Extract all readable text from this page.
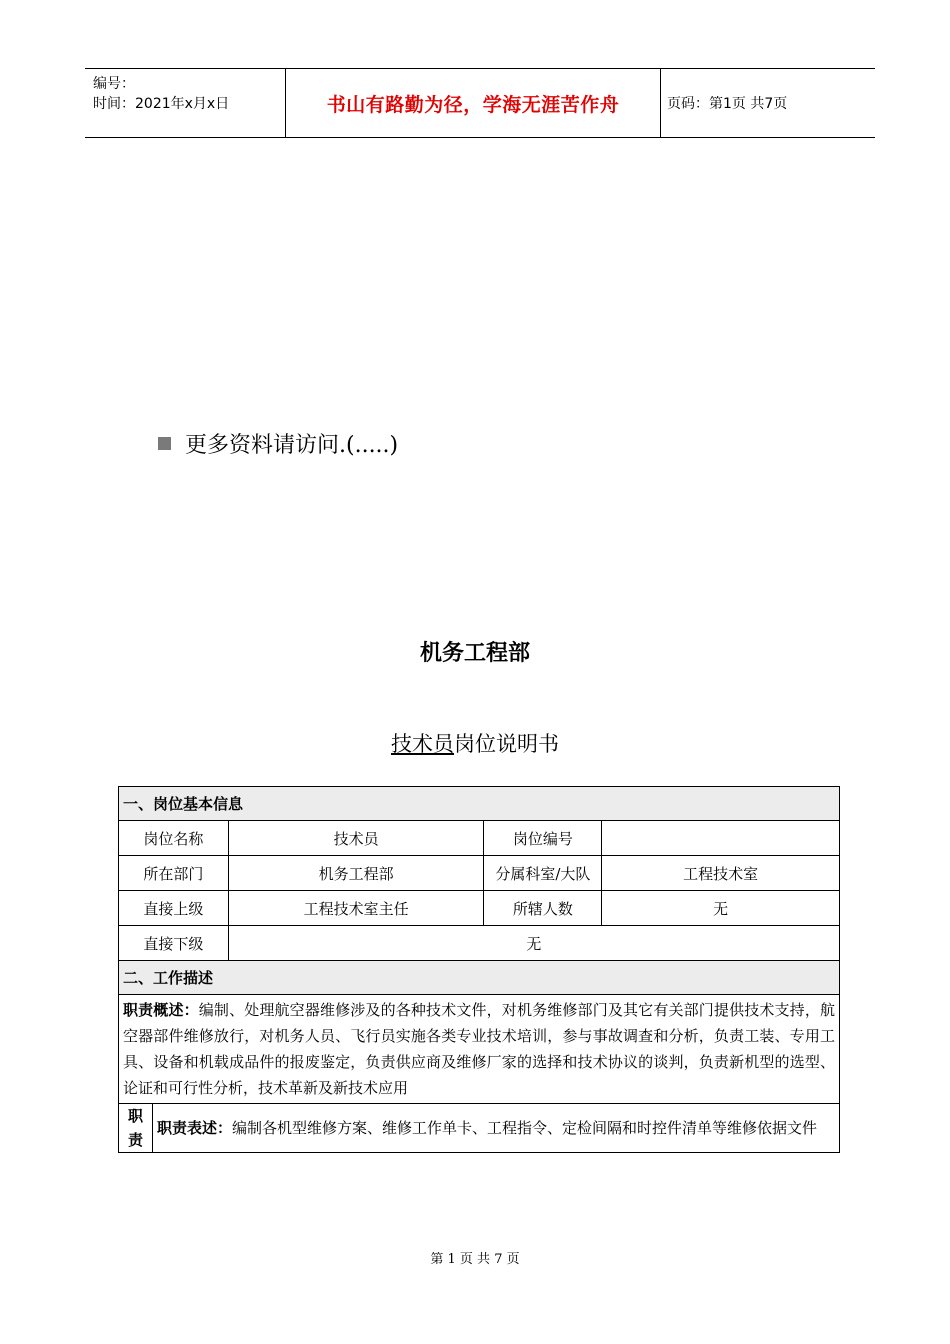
编号：
时间：2021年x月x日	书山有路勤为径，学海无涯苦作舟	页码：第1页 共7页
更多资料请访问.(.....)
机务工程部
技术员岗位说明书
一、岗位基本信息				
岗位名称		技术员	岗位编号	
所在部门		机务工程部	分属科室/大队	工程技术室
直接上级		工程技术室主任	所辖人数	无
直接下级		无		
二、工作描述				
职责概述：编制、处理航空器维修涉及的各种技术文件，对机务维修部门及其它有关部门提供技术支持，航空器部件维修放行，对机务人员、飞行员实施各类专业技术培训，参与事故调查和分析，负责工装、专用工具、设备和机载成品件的报废鉴定，负责供应商及维修厂家的选择和技术协议的谈判，负责新机型的选型、论证和可行性分析，技术革新及新技术应用				
职责	职责表述：编制各机型维修方案、维修工作单卡、工程指令、定检间隔和时控件清单等维修依据文件			
第 1 页 共 7 页
